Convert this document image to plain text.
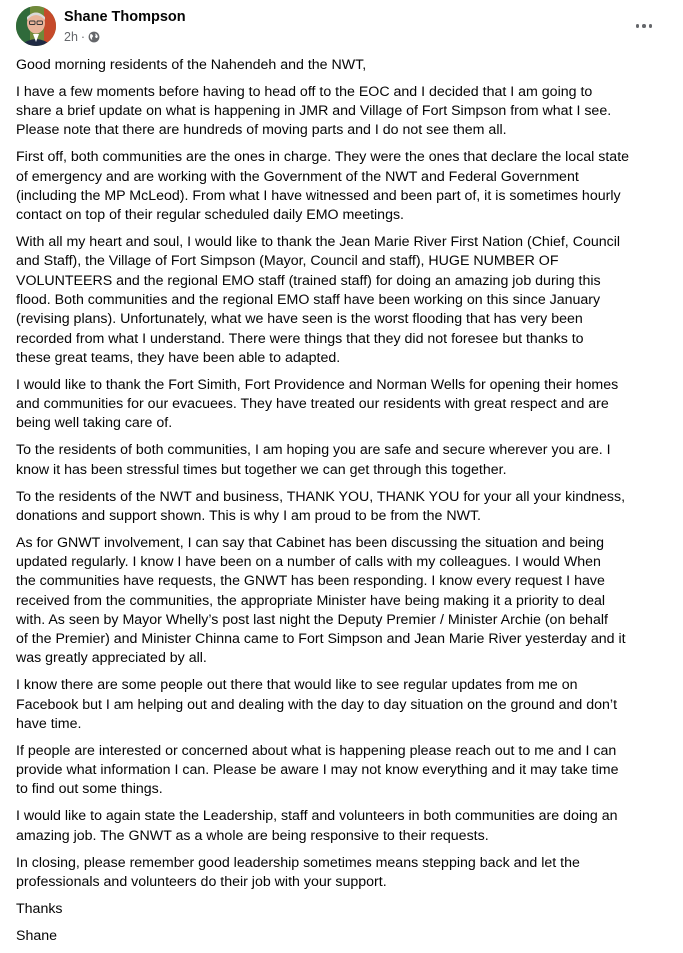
Shane Thompson
2h ·

Good morning residents of the Nahendeh and the NWT,

I have a few moments before having to head off to the EOC and I decided that I am going to
share a brief update on what is happening in JMR and Village of Fort Simpson from what I see.
Please note that there are hundreds of moving parts and I do not see them all.

First off, both communities are the ones in charge. They were the ones that declare the local state
of emergency and are working with the Government of the NWT and Federal Government
(including the MP McLeod). From what I have witnessed and been part of, it is sometimes hourly
contact on top of their regular scheduled daily EMO meetings.

With all my heart and soul, I would like to thank the Jean Marie River First Nation (Chief, Council
and Staff), the Village of Fort Simpson (Mayor, Council and staff), HUGE NUMBER OF
VOLUNTEERS and the regional EMO staff (trained staff) for doing an amazing job during this
flood. Both communities and the regional EMO staff have been working on this since January
(revising plans). Unfortunately, what we have seen is the worst flooding that has very been
recorded from what I understand. There were things that they did not foresee but thanks to
these great teams, they have been able to adapted.

I would like to thank the Fort Simith, Fort Providence and Norman Wells for opening their homes
and communities for our evacuees. They have treated our residents with great respect and are
being well taking care of.

To the residents of both communities, I am hoping you are safe and secure wherever you are. I
know it has been stressful times but together we can get through this together.

To the residents of the NWT and business, THANK YOU, THANK YOU for your all your kindness,
donations and support shown. This is why I am proud to be from the NWT.

As for GNWT involvement, I can say that Cabinet has been discussing the situation and being
updated regularly. I know I have been on a number of calls with my colleagues. I would When
the communities have requests, the GNWT has been responding. I know every request I have
received from the communities, the appropriate Minister have being making it a priority to deal
with. As seen by Mayor Whelly’s post last night the Deputy Premier / Minister Archie (on behalf
of the Premier) and Minister Chinna came to Fort Simpson and Jean Marie River yesterday and it
was greatly appreciated by all.

I know there are some people out there that would like to see regular updates from me on
Facebook but I am helping out and dealing with the day to day situation on the ground and don’t
have time.

If people are interested or concerned about what is happening please reach out to me and I can
provide what information I can. Please be aware I may not know everything and it may take time
to find out some things.

I would like to again state the Leadership, staff and volunteers in both communities are doing an
amazing job. The GNWT as a whole are being responsive to their requests.

In closing, please remember good leadership sometimes means stepping back and let the
professionals and volunteers do their job with your support.

Thanks

Shane
